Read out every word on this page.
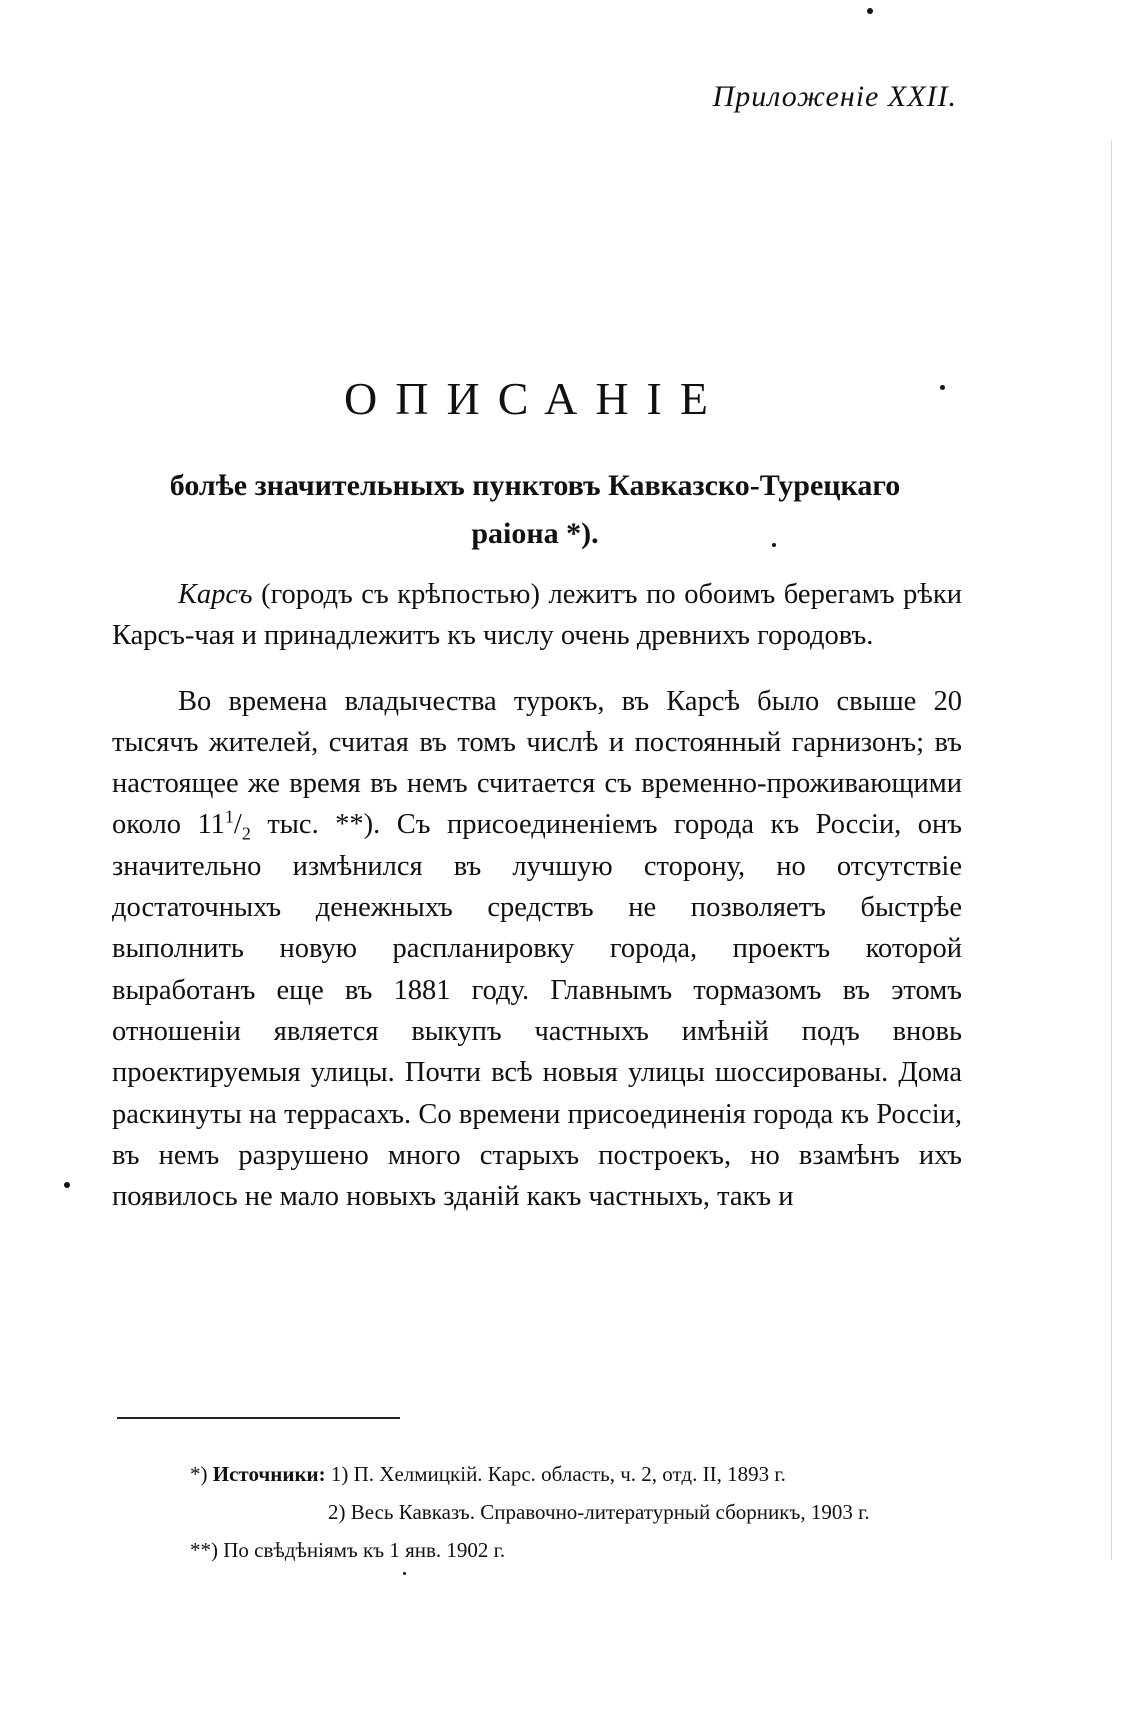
Приложенiе XXII.
ОПИСАНIЕ
болѣе значительныхъ пунктовъ Кавказско-Турецкаго
раiона *).

Карсъ (городъ съ крѣпостью) лежитъ по обоимъ берегамъ рѣки Карсъ-чая и принадлежитъ къ числу очень древнихъ городовъ.

Во времена владычества турокъ, въ Карсѣ было свыше 20 тысячъ жителей, считая въ томъ числѣ и постоянный гарнизонъ; въ настоящее же время въ немъ считается съ временно-проживающими около $11^1/_2$ тыс. **). Съ присоединенiемъ города къ Россiи, онъ значительно измѣнился въ лучшую сторону, но отсутствiе достаточныхъ денежныхъ средствъ не позволяетъ быстрѣе выполнить новую распланировку города, проектъ которой выработанъ еще въ 1881 году. Главнымъ тормазомъ въ этомъ отношенiи является выкупъ частныхъ имѣнiй подъ вновь проектируемыя улицы. Почти всѣ новыя улицы шоссированы. Дома раскинуты на террасахъ. Со времени присоединенiя города къ Россiи, въ немъ разрушено много старыхъ построекъ, но взамѣнъ ихъ появилось не мало новыхъ зданiй какъ частныхъ, такъ и

*) Источники: 1) П. Хелмицкiй. Карс. область, ч. 2, отд. II, 1893 г.

2) Весь Кавказъ. Справочно-литературный сборникъ, 1903 г.

**) По свѣдѣнiямъ къ 1 янв. 1902 г.
